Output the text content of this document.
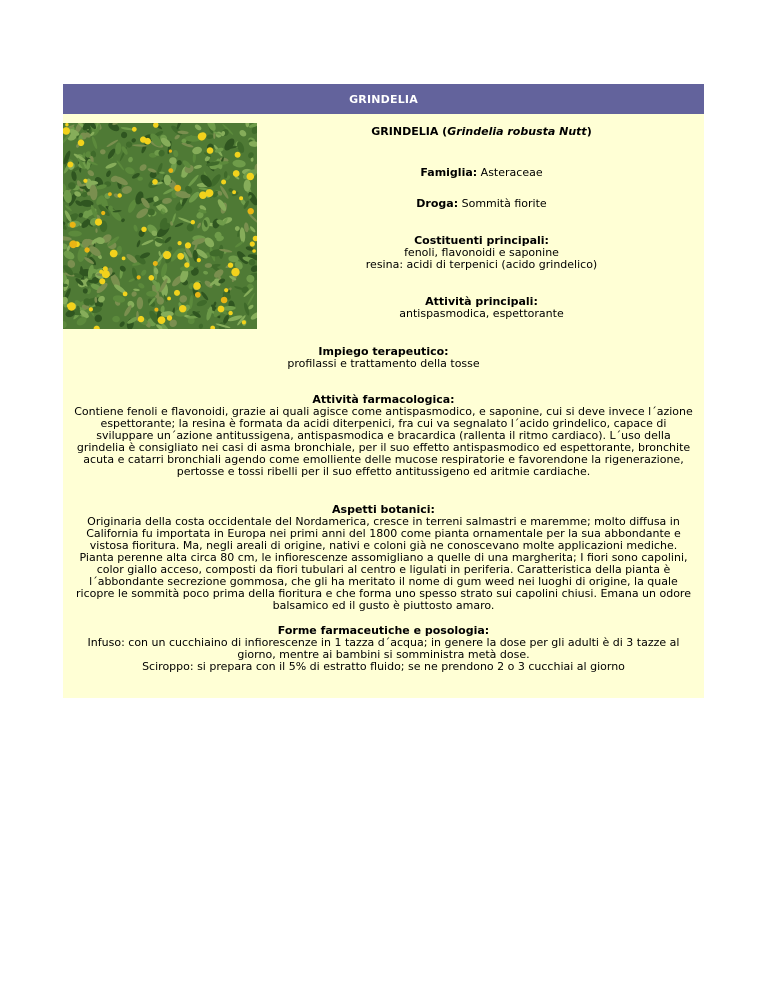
GRINDELIA
GRINDELIA (Grindelia robusta Nutt)
Famiglia: Asteraceae
Droga: Sommità fiorite
Costituenti principali:
fenoli, flavonoidi e saponine
resina: acidi di terpenici (acido grindelico)
Attività principali:
antispasmodica, espettorante
Impiego terapeutico:
profilassi e trattamento della tosse
Attività farmacologica:
Contiene fenoli e flavonoidi, grazie ai quali agisce come antispasmodico, e saponine, cui si deve invece l´azione
espettorante; la resina è formata da acidi diterpenici, fra cui va segnalato l´acido grindelico, capace di
sviluppare un´azione antitussigena, antispasmodica e bracardica (rallenta il ritmo cardiaco). L´uso della
grindelia è consigliato nei casi di asma bronchiale, per il suo effetto antispasmodico ed espettorante, bronchite
acuta e catarri bronchiali agendo come emolliente delle mucose respiratorie e favorendone la rigenerazione,
pertosse e tossi ribelli per il suo effetto antitussigeno ed aritmie cardiache.
Aspetti botanici:
Originaria della costa occidentale del Nordamerica, cresce in terreni salmastri e maremme; molto diffusa in
California fu importata in Europa nei primi anni del 1800 come pianta ornamentale per la sua abbondante e
vistosa fioritura. Ma, negli areali di origine, nativi e coloni già ne conoscevano molte applicazioni mediche.
Pianta perenne alta circa 80 cm, le infiorescenze assomigliano a quelle di una margherita; I fiori sono capolini,
color giallo acceso, composti da fiori tubulari al centro e ligulati in periferia. Caratteristica della pianta è
l´abbondante secrezione gommosa, che gli ha meritato il nome di gum weed nei luoghi di origine, la quale
ricopre le sommità poco prima della fioritura e che forma uno spesso strato sui capolini chiusi. Emana un odore
balsamico ed il gusto è piuttosto amaro.
Forme farmaceutiche e posologia:
Infuso: con un cucchiaino di infiorescenze in 1 tazza d´acqua; in genere la dose per gli adulti è di 3 tazze al
giorno, mentre ai bambini si somministra metà dose.
Sciroppo: si prepara con il 5% di estratto fluido; se ne prendono 2 o 3 cucchiai al giorno
